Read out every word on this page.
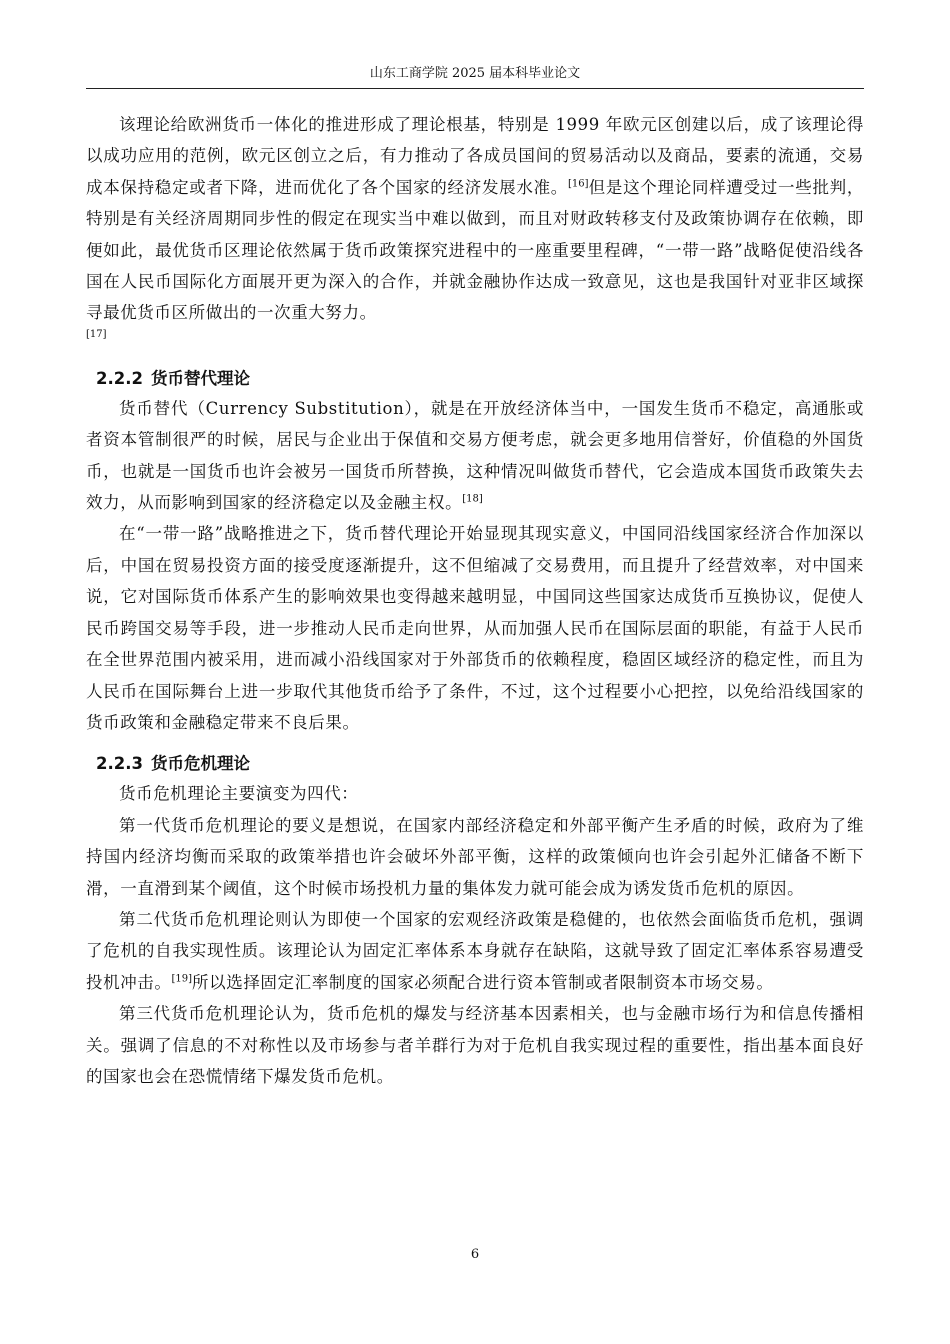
山东工商学院 2025 届本科毕业论文

该理论给欧洲货币一体化的推进形成了理论根基，特别是 1999 年欧元区创建以后，成了该理论得以成功应用的范例，欧元区创立之后，有力推动了各成员国间的贸易活动以及商品，要素的流通，交易成本保持稳定或者下降，进而优化了各个国家的经济发展水准。[16]但是这个理论同样遭受过一些批判，特别是有关经济周期同步性的假定在现实当中难以做到，而且对财政转移支付及政策协调存在依赖，即便如此，最优货币区理论依然属于货币政策探究进程中的一座重要里程碑，“一带一路”战略促使沿线各国在人民币国际化方面展开更为深入的合作，并就金融协作达成一致意见，这也是我国针对亚非区域探寻最优货币区所做出的一次重大努力。

[17]

2.2.2 货币替代理论

货币替代（Currency Substitution），就是在开放经济体当中，一国发生货币不稳定，高通胀或者资本管制很严的时候，居民与企业出于保值和交易方便考虑，就会更多地用信誉好，价值稳的外国货币，也就是一国货币也许会被另一国货币所替换，这种情况叫做货币替代，它会造成本国货币政策失去效力，从而影响到国家的经济稳定以及金融主权。[18]

在“一带一路”战略推进之下，货币替代理论开始显现其现实意义，中国同沿线国家经济合作加深以后，中国在贸易投资方面的接受度逐渐提升，这不但缩减了交易费用，而且提升了经营效率，对中国来说，它对国际货币体系产生的影响效果也变得越来越明显，中国同这些国家达成货币互换协议，促使人民币跨国交易等手段，进一步推动人民币走向世界，从而加强人民币在国际层面的职能，有益于人民币在全世界范围内被采用，进而减小沿线国家对于外部货币的依赖程度，稳固区域经济的稳定性，而且为人民币在国际舞台上进一步取代其他货币给予了条件，不过，这个过程要小心把控，以免给沿线国家的货币政策和金融稳定带来不良后果。

2.2.3 货币危机理论

货币危机理论主要演变为四代：

第一代货币危机理论的要义是想说，在国家内部经济稳定和外部平衡产生矛盾的时候，政府为了维持国内经济均衡而采取的政策举措也许会破坏外部平衡，这样的政策倾向也许会引起外汇储备不断下滑，一直滑到某个阈值，这个时候市场投机力量的集体发力就可能会成为诱发货币危机的原因。

第二代货币危机理论则认为即使一个国家的宏观经济政策是稳健的，也依然会面临货币危机，强调了危机的自我实现性质。该理论认为固定汇率体系本身就存在缺陷，这就导致了固定汇率体系容易遭受投机冲击。[19]所以选择固定汇率制度的国家必须配合进行资本管制或者限制资本市场交易。

第三代货币危机理论认为，货币危机的爆发与经济基本因素相关，也与金融市场行为和信息传播相关。强调了信息的不对称性以及市场参与者羊群行为对于危机自我实现过程的重要性，指出基本面良好的国家也会在恐慌情绪下爆发货币危机。

6
